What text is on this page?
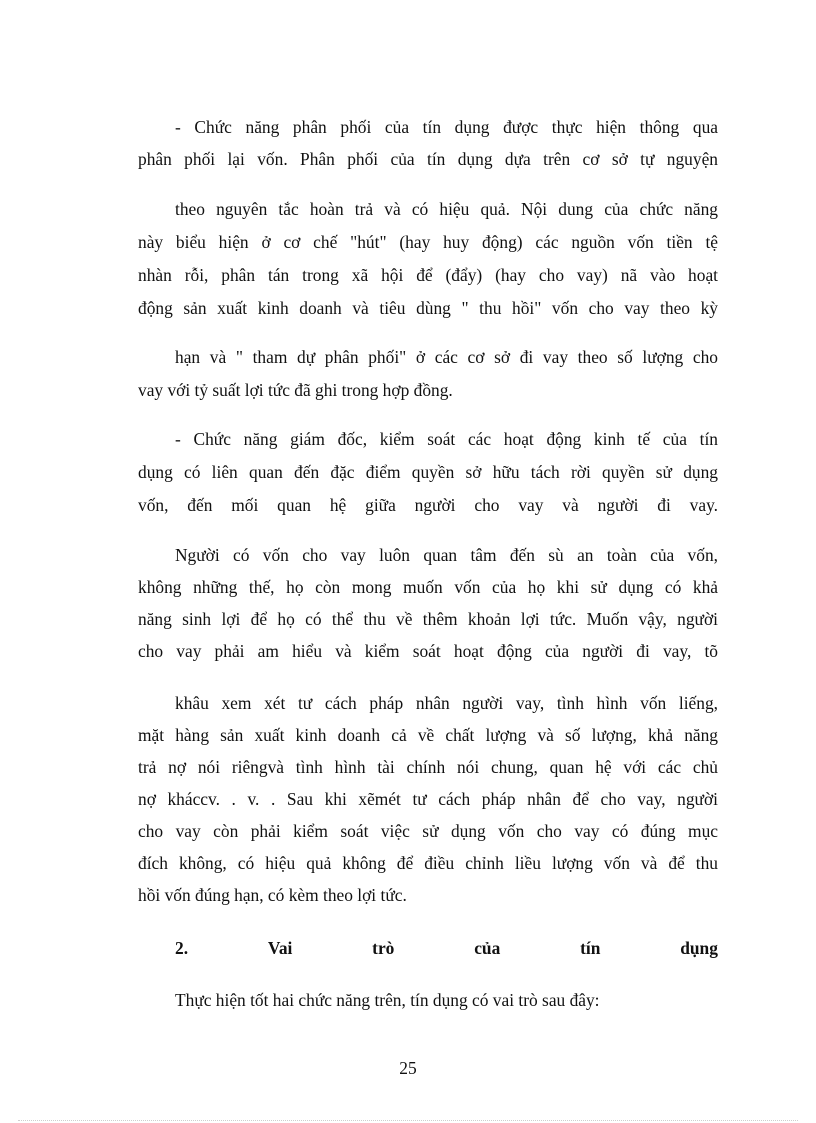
- Chức năng phân phối của tín dụng được thực hiện thông qua
phân phối lại vốn. Phân phối của tín dụng dựa trên cơ sở tự nguyện
theo nguyên tắc hoàn trả và có hiệu quả. Nội dung của chức năng
này biểu hiện ở cơ chế "hút" (hay huy động) các nguồn vốn tiền tệ
nhàn rỗi, phân tán trong xã hội để (đẩy) (hay cho vay) nã vào hoạt
động sản xuất kinh doanh và tiêu dùng " thu hồi" vốn cho vay theo kỳ
hạn và " tham dự phân phối" ở các cơ sở đi vay theo số lượng cho
vay với tỷ suất lợi tức đã ghi trong hợp đồng.
- Chức năng giám đốc, kiểm soát các hoạt động kinh tế của tín
dụng có liên quan đến đặc điểm quyền sở hữu tách rời quyền sử dụng
vốn, đến mối quan hệ giữa người cho vay và người đi vay.
Người có vốn cho vay luôn quan tâm đến sù an toàn của vốn,
không những thế, họ còn mong muốn vốn của họ khi sử dụng có khả
năng sinh lợi để họ có thể thu về thêm khoản lợi tức. Muốn vậy, người
cho vay phải am hiểu và kiểm soát hoạt động của người đi vay, tõ
khâu xem xét tư cách pháp nhân người vay, tình hình vốn liếng,
mặt hàng sản xuất kinh doanh cả về chất lượng và số lượng, khả năng
trả nợ nói riêngvà tình hình tài chính nói chung, quan hệ với các chủ
nợ kháccv. . v. . Sau khi xẽmét tư cách pháp nhân để cho vay, người
cho vay còn phải kiểm soát việc sử dụng vốn cho vay có đúng mục
đích không, có hiệu quả không để điều chỉnh liều lượng vốn và để thu
hồi vốn đúng hạn, có kèm theo lợi tức.
2.	Vai	trò	của	tín	dụng
Thực hiện tốt hai chức năng trên, tín dụng có vai trò sau đây:
25
